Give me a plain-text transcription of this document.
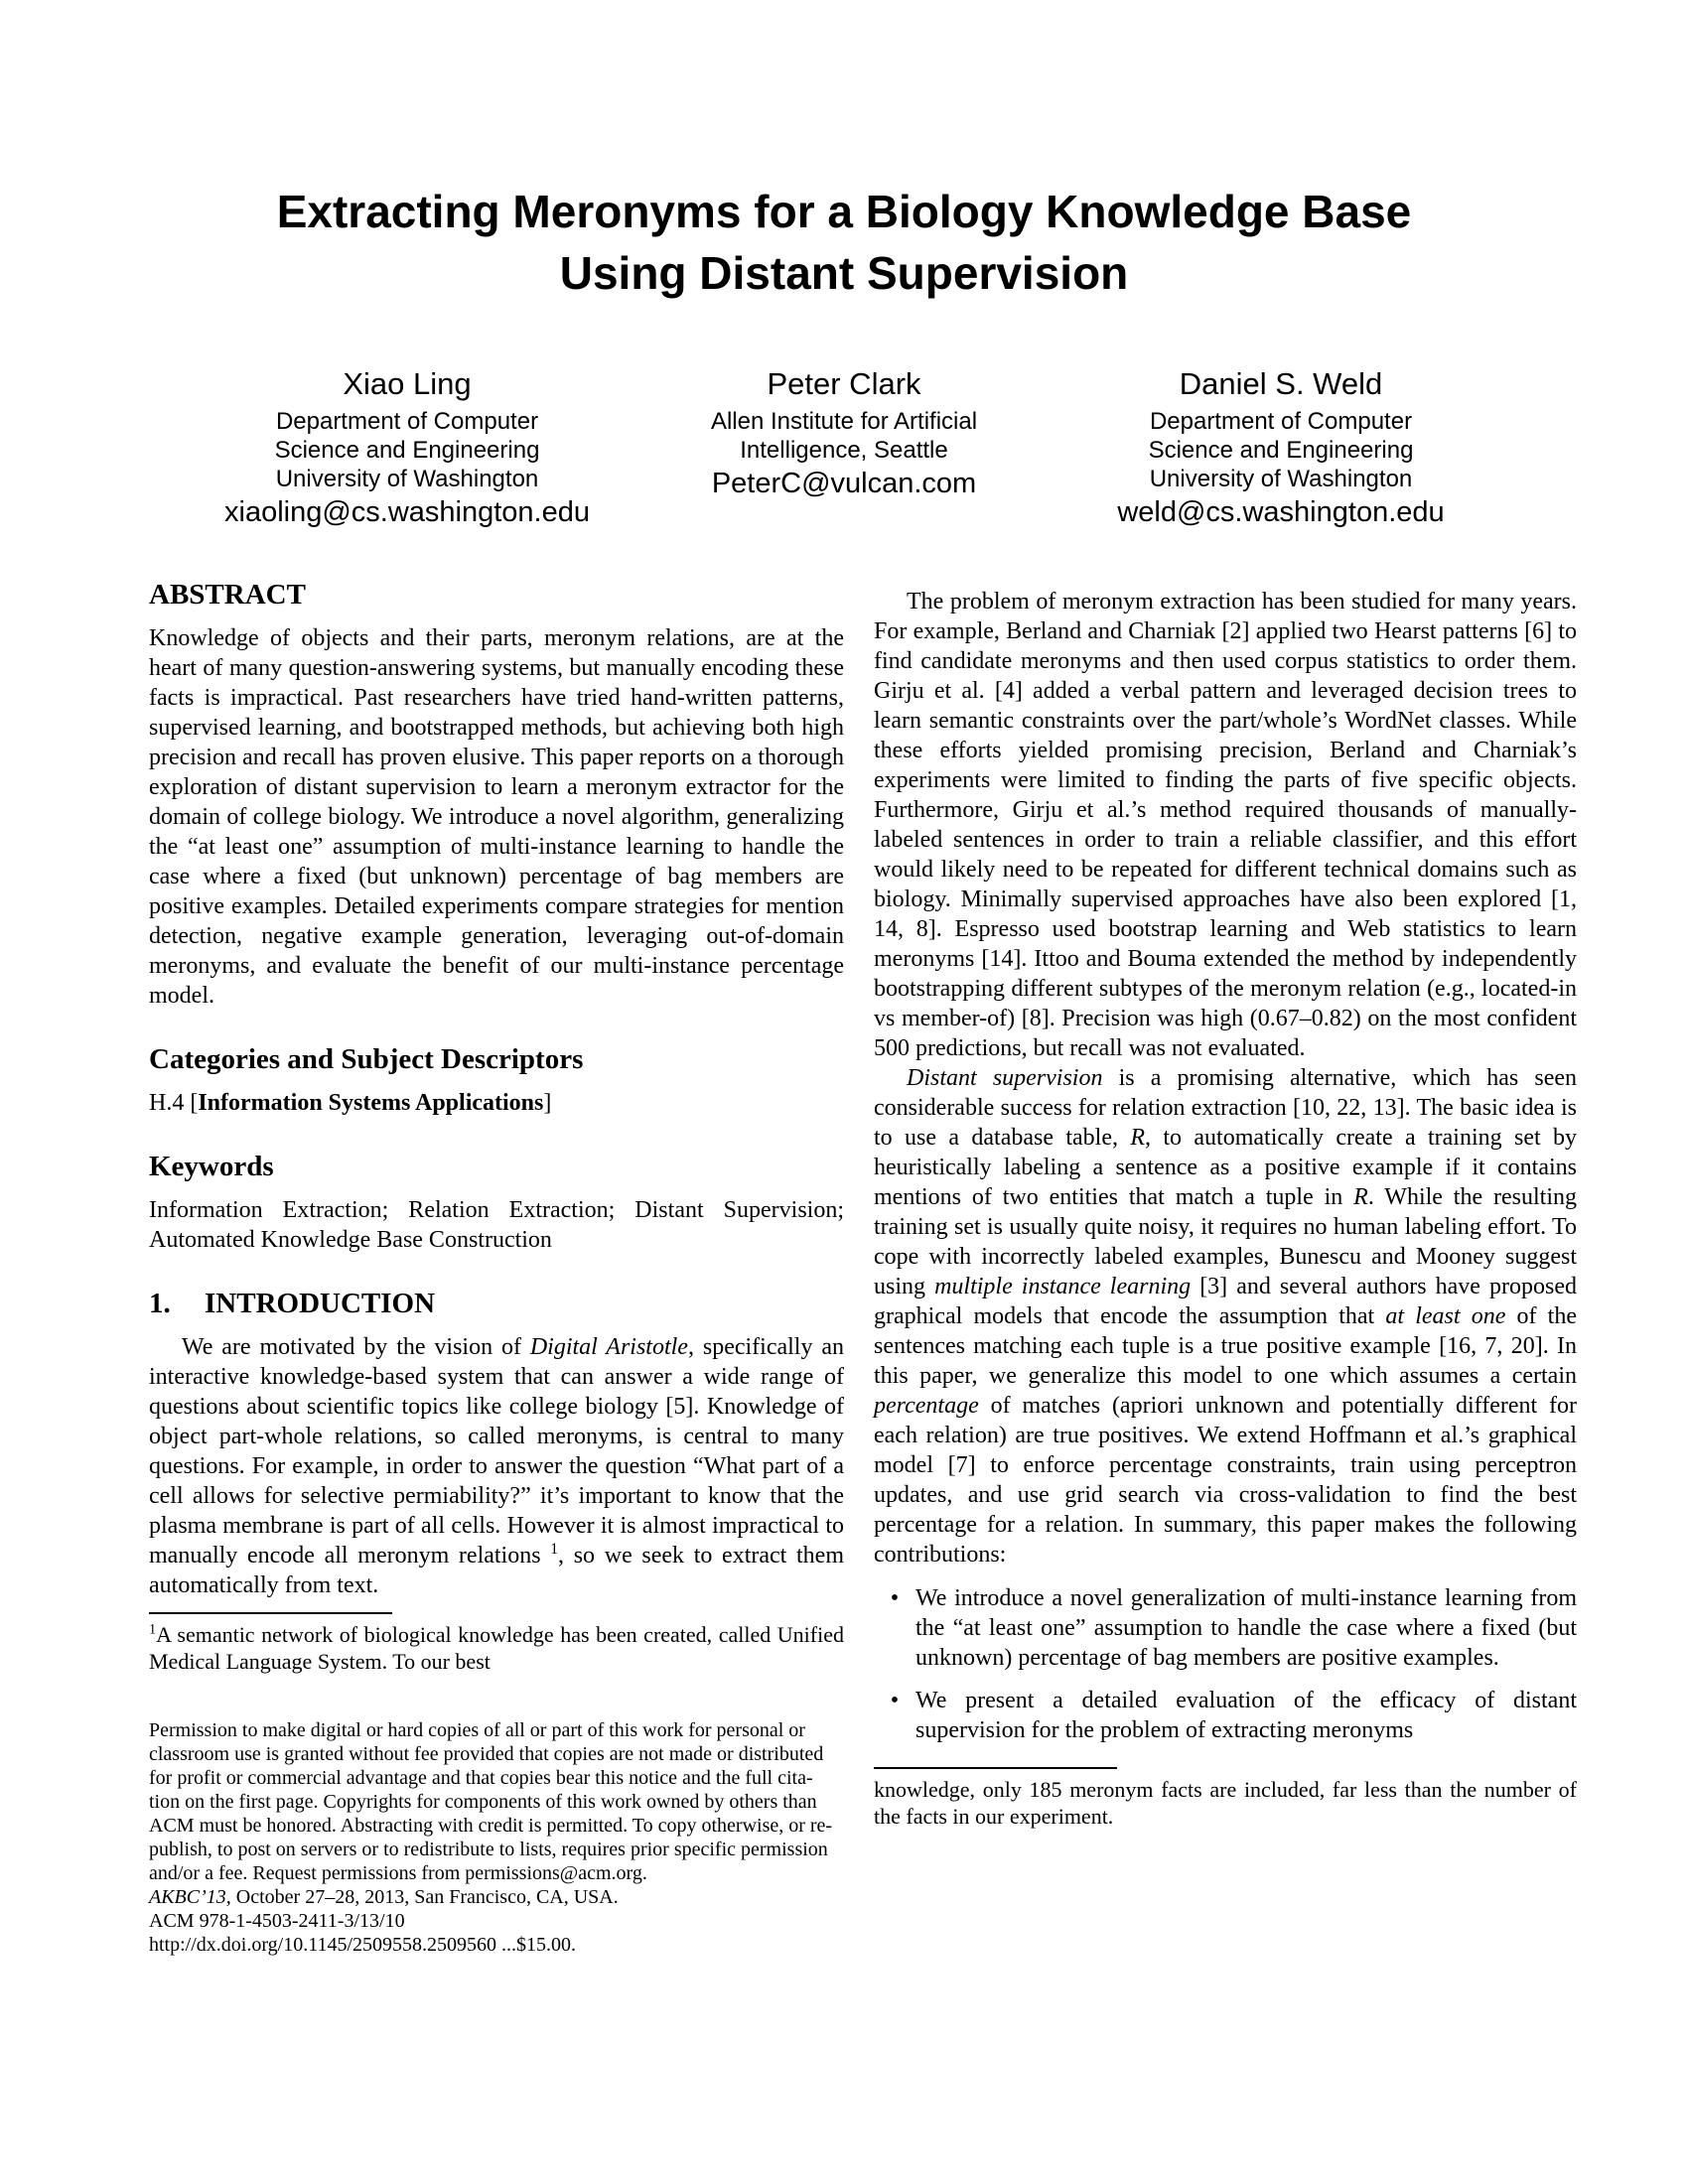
Extracting Meronyms for a Biology Knowledge Base
Using Distant Supervision
Xiao Ling
Department of Computer
Science and Engineering
University of Washington
xiaoling@cs.washington.edu
Peter Clark
Allen Institute for Artificial
Intelligence, Seattle
PeterC@vulcan.com
Daniel S. Weld
Department of Computer
Science and Engineering
University of Washington
weld@cs.washington.edu
ABSTRACT

Knowledge of objects and their parts, meronym relations, are at the heart of many question-answering systems, but manually encoding these facts is impractical. Past researchers have tried hand-written patterns, supervised learning, and bootstrapped methods, but achieving both high precision and recall has proven elusive. This paper reports on a thorough exploration of distant supervision to learn a meronym extractor for the domain of college biology. We introduce a novel algorithm, generalizing the “at least one” assumption of multi-instance learning to handle the case where a fixed (but unknown) percentage of bag members are positive examples. Detailed experiments compare strategies for mention detection, negative example generation, leveraging out-of-domain meronyms, and evaluate the benefit of our multi-instance percentage model.

Categories and Subject Descriptors

H.4 [Information Systems Applications]

Keywords

Information Extraction; Relation Extraction; Distant Supervision; Automated Knowledge Base Construction

1. INTRODUCTION

We are motivated by the vision of Digital Aristotle, specifically an interactive knowledge-based system that can answer a wide range of questions about scientific topics like college biology [5]. Knowledge of object part-whole relations, so called meronyms, is central to many questions. For example, in order to answer the question “What part of a cell allows for selective permiability?” it’s important to know that the plasma membrane is part of all cells. However it is almost impractical to manually encode all meronym relations $^1$, so we seek to extract them automatically from text.

$^1$A semantic network of biological knowledge has been created, called Unified Medical Language System. To our best

Permission to make digital or hard copies of all or part of this work for personal or
classroom use is granted without fee provided that copies are not made or distributed
for profit or commercial advantage and that copies bear this notice and the full cita-
tion on the first page. Copyrights for components of this work owned by others than
ACM must be honored. Abstracting with credit is permitted. To copy otherwise, or re-
publish, to post on servers or to redistribute to lists, requires prior specific permission
and/or a fee. Request permissions from permissions@acm.org.
AKBC’13, October 27–28, 2013, San Francisco, CA, USA.
ACM 978-1-4503-2411-3/13/10
http://dx.doi.org/10.1145/2509558.2509560 ...$15.00.

The problem of meronym extraction has been studied for many years. For example, Berland and Charniak [2] applied two Hearst patterns [6] to find candidate meronyms and then used corpus statistics to order them. Girju et al. [4] added a verbal pattern and leveraged decision trees to learn semantic constraints over the part/whole’s WordNet classes. While these efforts yielded promising precision, Berland and Charniak’s experiments were limited to finding the parts of five specific objects. Furthermore, Girju et al.’s method required thousands of manually-labeled sentences in order to train a reliable classifier, and this effort would likely need to be repeated for different technical domains such as biology. Minimally supervised approaches have also been explored [1, 14, 8]. Espresso used bootstrap learning and Web statistics to learn meronyms [14]. Ittoo and Bouma extended the method by independently bootstrapping different subtypes of the meronym relation (e.g., located-in vs member-of) [8]. Precision was high (0.67–0.82) on the most confident 500 predictions, but recall was not evaluated.

Distant supervision is a promising alternative, which has seen considerable success for relation extraction [10, 22, 13]. The basic idea is to use a database table, R, to automatically create a training set by heuristically labeling a sentence as a positive example if it contains mentions of two entities that match a tuple in R. While the resulting training set is usually quite noisy, it requires no human labeling effort. To cope with incorrectly labeled examples, Bunescu and Mooney suggest using multiple instance learning [3] and several authors have proposed graphical models that encode the assumption that at least one of the sentences matching each tuple is a true positive example [16, 7, 20]. In this paper, we generalize this model to one which assumes a certain percentage of matches (apriori unknown and potentially different for each relation) are true positives. We extend Hoffmann et al.’s graphical model [7] to enforce percentage constraints, train using perceptron updates, and use grid search via cross-validation to find the best percentage for a relation. In summary, this paper makes the following contributions:

• We introduce a novel generalization of multi-instance learning from the “at least one” assumption to handle the case where a fixed (but unknown) percentage of bag members are positive examples.
• We present a detailed evaluation of the efficacy of distant supervision for the problem of extracting meronyms

knowledge, only 185 meronym facts are included, far less than the number of the facts in our experiment.
